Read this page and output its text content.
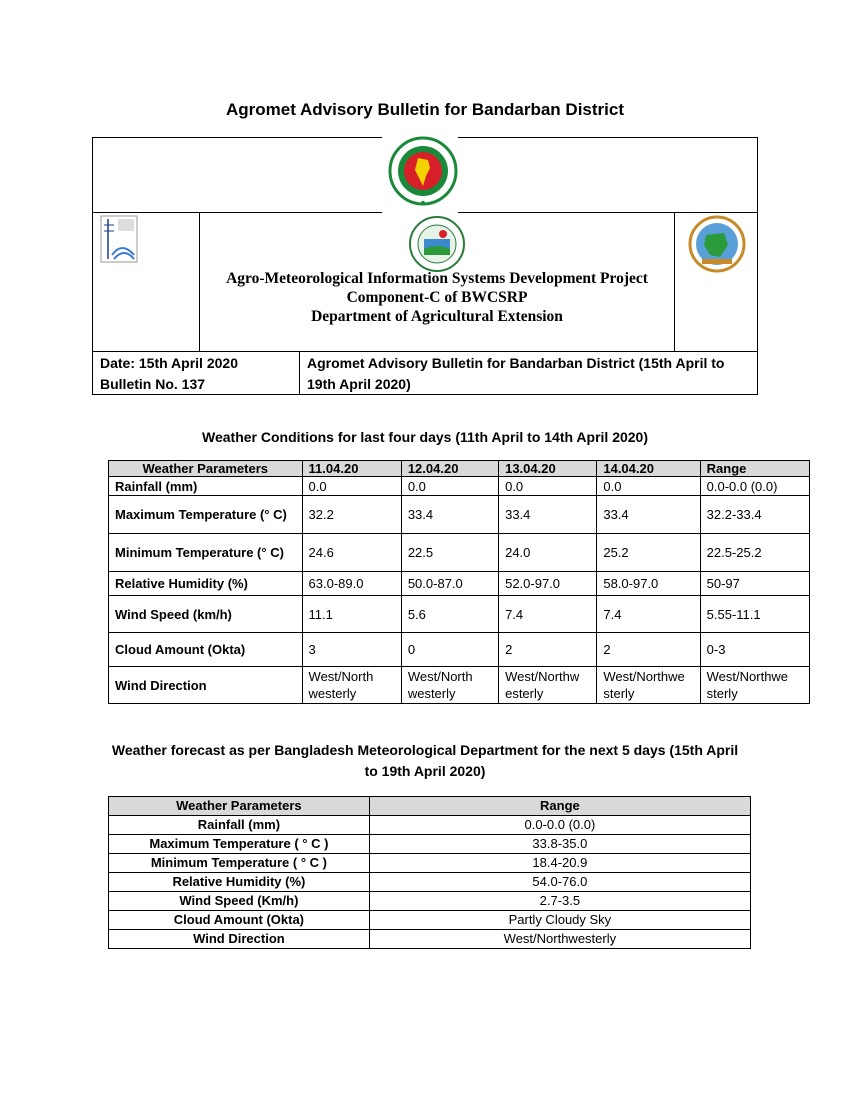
Agromet Advisory Bulletin for Bandarban District
●
Agro-Meteorological Information Systems Development Project
Component-C of BWCSRP
Department of Agricultural Extension
Date: 15th April 2020
Bulletin No. 137
Agromet Advisory Bulletin for Bandarban District (15th April to 19th April 2020)
Weather Conditions for last four days (11th April to 14th April 2020)
Weather Parameters	11.04.20	12.04.20	13.04.20	14.04.20	Range
Rainfall (mm)	0.0	0.0	0.0	0.0	0.0-0.0 (0.0)
Maximum Temperature (° C)	32.2	33.4	33.4	33.4	32.2-33.4
Minimum Temperature (° C)	24.6	22.5	24.0	25.2	22.5-25.2
Relative Humidity (%)	63.0-89.0	50.0-87.0	52.0-97.0	58.0-97.0	50-97
Wind Speed (km/h)	11.1	5.6	7.4	7.4	5.55-11.1
Cloud Amount (Okta)	3	0	2	2	0-3
Wind Direction	West/North westerly	West/North westerly	West/Northw esterly	West/Northwe sterly	West/Northwe sterly
Weather forecast as per Bangladesh Meteorological Department for the next 5 days (15th April to 19th April 2020)
Weather Parameters	Range
Rainfall (mm)	0.0-0.0 (0.0)
Maximum Temperature ( ° C )	33.8-35.0
Minimum Temperature ( ° C )	18.4-20.9
Relative Humidity (%)	54.0-76.0
Wind Speed (Km/h)	2.7-3.5
Cloud Amount (Okta)	Partly Cloudy Sky
Wind Direction	West/Northwesterly
